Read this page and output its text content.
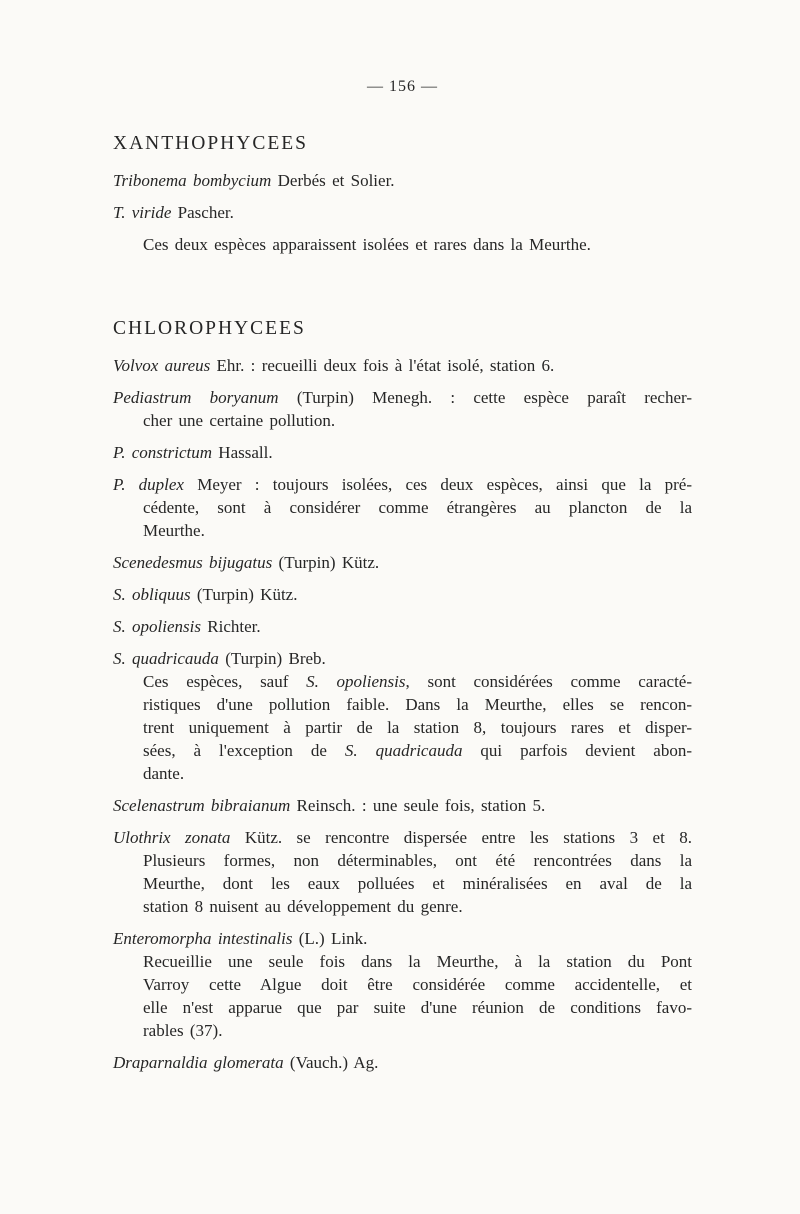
— 156 —
XANTHOPHYCEES
Tribonema bombycium Derbés et Solier.
T. viride Pascher.
Ces deux espèces apparaissent isolées et rares dans la Meurthe.
CHLOROPHYCEES
Volvox aureus Ehr. : recueilli deux fois à l'état isolé, station 6.
Pediastrum boryanum (Turpin) Menegh. : cette espèce paraît recher-
cher une certaine pollution.
P. constrictum Hassall.
P. duplex Meyer : toujours isolées, ces deux espèces, ainsi que la pré-
cédente, sont à considérer comme étrangères au plancton de la
Meurthe.
Scenedesmus bijugatus (Turpin) Kütz.
S. obliquus (Turpin) Kütz.
S. opoliensis Richter.
S. quadricauda (Turpin) Breb.
Ces espèces, sauf S. opoliensis, sont considérées comme caracté-
ristiques d'une pollution faible. Dans la Meurthe, elles se rencon-
trent uniquement à partir de la station 8, toujours rares et disper-
sées, à l'exception de S. quadricauda qui parfois devient abon-
dante.
Scelenastrum bibraianum Reinsch. : une seule fois, station 5.
Ulothrix zonata Kütz. se rencontre dispersée entre les stations 3 et 8.
Plusieurs formes, non déterminables, ont été rencontrées dans la
Meurthe, dont les eaux polluées et minéralisées en aval de la
station 8 nuisent au développement du genre.
Enteromorpha intestinalis (L.) Link.
Recueillie une seule fois dans la Meurthe, à la station du Pont
Varroy cette Algue doit être considérée comme accidentelle, et
elle n'est apparue que par suite d'une réunion de conditions favo-
rables (37).
Draparnaldia glomerata (Vauch.) Ag.
